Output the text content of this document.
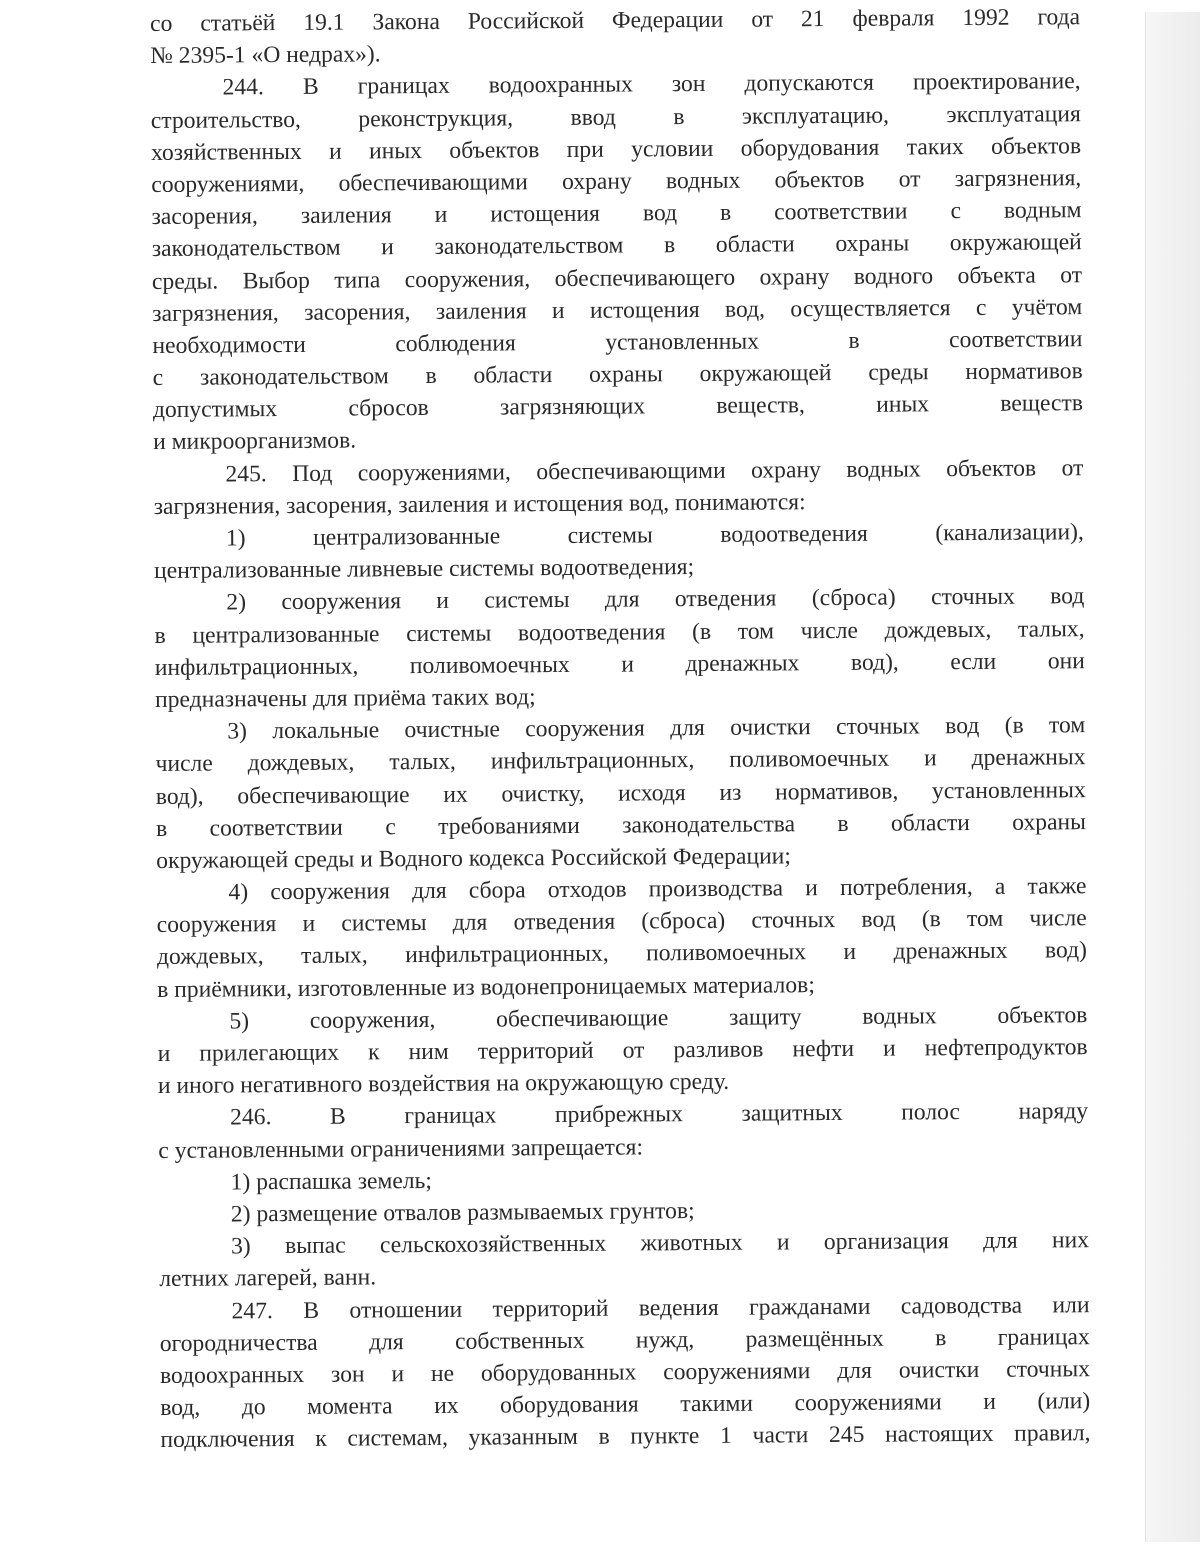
со статьёй 19.1 Закона Российской Федерации от 21 февраля 1992 года
№ 2395-1 «О недрах»).
244. В границах водоохранных зон допускаются проектирование,
строительство, реконструкция, ввод в эксплуатацию, эксплуатация
хозяйственных и иных объектов при условии оборудования таких объектов
сооружениями, обеспечивающими охрану водных объектов от загрязнения,
засорения, заиления и истощения вод в соответствии с водным
законодательством и законодательством в области охраны окружающей
среды. Выбор типа сооружения, обеспечивающего охрану водного объекта от
загрязнения, засорения, заиления и истощения вод, осуществляется с учётом
необходимости соблюдения установленных в соответствии
с законодательством в области охраны окружающей среды нормативов
допустимых сбросов загрязняющих веществ, иных веществ
и микроорганизмов.
245. Под сооружениями, обеспечивающими охрану водных объектов от
загрязнения, засорения, заиления и истощения вод, понимаются:
1) централизованные системы водоотведения (канализации),
централизованные ливневые системы водоотведения;
2) сооружения и системы для отведения (сброса) сточных вод
в централизованные системы водоотведения (в том числе дождевых, талых,
инфильтрационных, поливомоечных и дренажных вод), если они
предназначены для приёма таких вод;
3) локальные очистные сооружения для очистки сточных вод (в том
числе дождевых, талых, инфильтрационных, поливомоечных и дренажных
вод), обеспечивающие их очистку, исходя из нормативов, установленных
в соответствии с требованиями законодательства в области охраны
окружающей среды и Водного кодекса Российской Федерации;
4) сооружения для сбора отходов производства и потребления, а также
сооружения и системы для отведения (сброса) сточных вод (в том числе
дождевых, талых, инфильтрационных, поливомоечных и дренажных вод)
в приёмники, изготовленные из водонепроницаемых материалов;
5) сооружения, обеспечивающие защиту водных объектов
и прилегающих к ним территорий от разливов нефти и нефтепродуктов
и иного негативного воздействия на окружающую среду.
246. В границах прибрежных защитных полос наряду
с установленными ограничениями запрещается:
1) распашка земель;
2) размещение отвалов размываемых грунтов;
3) выпас сельскохозяйственных животных и организация для них
летних лагерей, ванн.
247. В отношении территорий ведения гражданами садоводства или
огородничества для собственных нужд, размещённых в границах
водоохранных зон и не оборудованных сооружениями для очистки сточных
вод, до момента их оборудования такими сооружениями и (или)
подключения к системам, указанным в пункте 1 части 245 настоящих правил,
